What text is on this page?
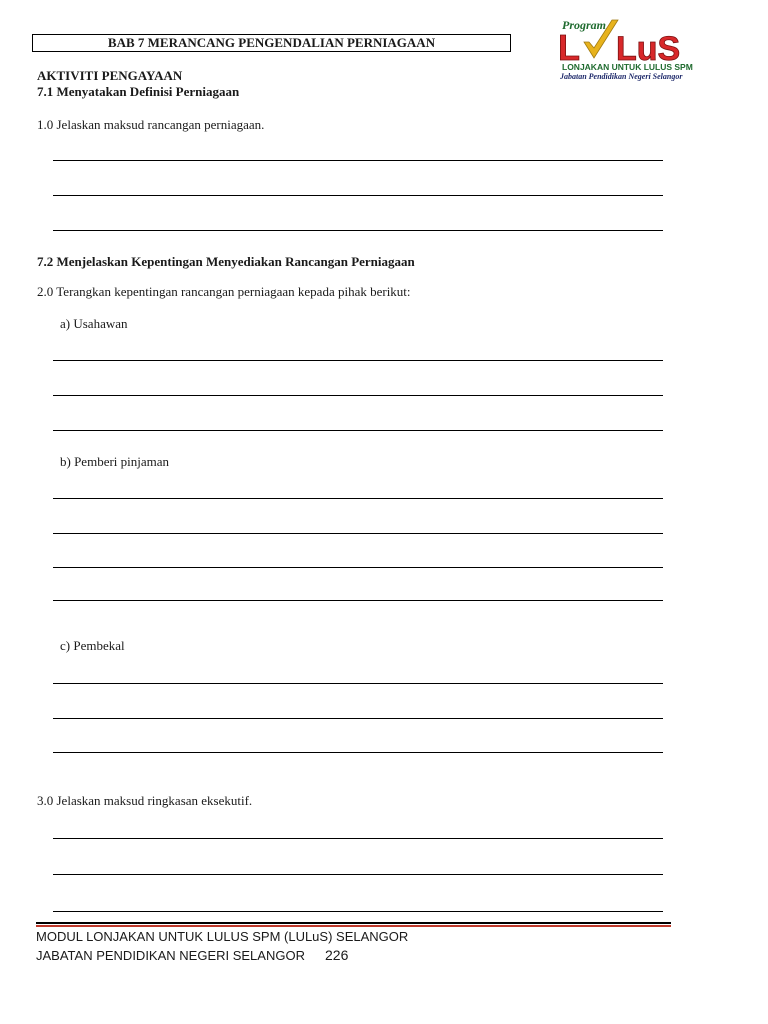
BAB 7 MERANCANG PENGENDALIAN PERNIAGAAN
Program
L LuS
LONJAKAN UNTUK LULUS SPM
Jabatan Pendidikan Negeri Selangor
AKTIVITI PENGAYAAN
7.1 Menyatakan Definisi Perniagaan
1.0 Jelaskan maksud rancangan perniagaan.
7.2 Menjelaskan Kepentingan Menyediakan Rancangan Perniagaan
2.0 Terangkan kepentingan rancangan perniagaan kepada pihak berikut:
a) Usahawan
b) Pemberi pinjaman
c) Pembekal
3.0 Jelaskan maksud ringkasan eksekutif.
MODUL LONJAKAN UNTUK LULUS SPM (LULuS) SELANGOR
JABATAN PENDIDIKAN NEGERI SELANGOR 226
